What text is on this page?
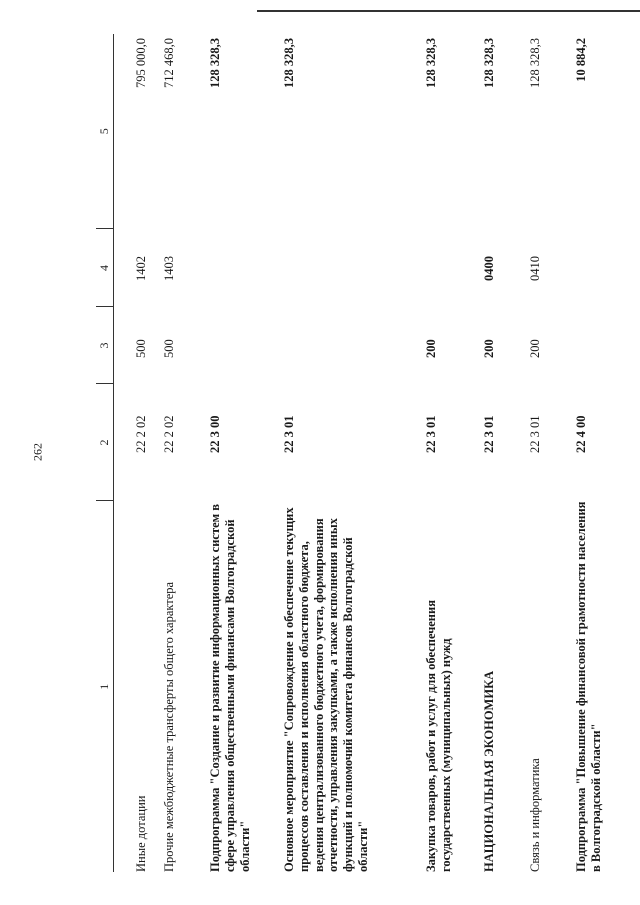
262
1	2	3	4	5
Иные дотации	22 2 02	500	1402	795 000,0
Прочие межбюджетные трансферты общего характера	22 2 02	500	1403	712 468,0
Подпрограмма "Создание и развитие информационных систем в сфере управления общественными финансами Волгоградской области"	22 3 00			128 328,3
Основное мероприятие "Сопровождение и обеспечение текущих процессов составления и исполнения областного бюджета, ведения централизованного бюджетного учета, формирования отчетности, управления закупками, а также исполнения иных функций и полномочий комитета финансов Волгоградской области"	22 3 01			128 328,3
Закупка товаров, работ и услуг для обеспечения государственных (муниципальных) нужд	22 3 01	200		128 328,3
НАЦИОНАЛЬНАЯ ЭКОНОМИКА	22 3 01	200	0400	128 328,3
Связь и информатика	22 3 01	200	0410	128 328,3
Подпрограмма "Повышение финансовой грамотности населения в Волгоградской области"	22 4 00			10 884,2
